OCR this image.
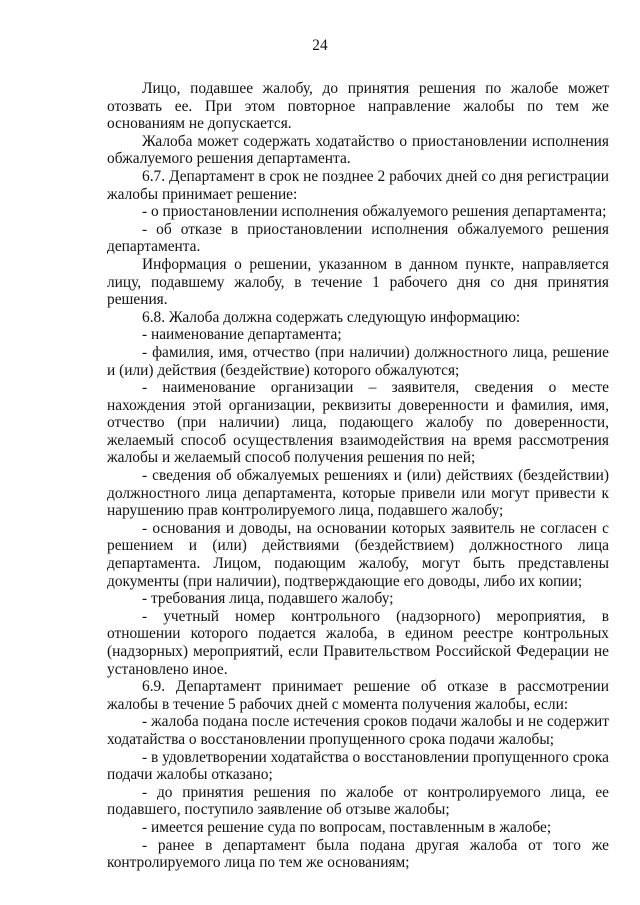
24

Лицо, подавшее жалобу, до принятия решения по жалобе может отозвать ее. При этом повторное направление жалобы по тем же основаниям не допускается.

Жалоба может содержать ходатайство о приостановлении исполнения обжалуемого решения департамента.

6.7. Департамент в срок не позднее 2 рабочих дней со дня регистрации жалобы принимает решение:

- о приостановлении исполнения обжалуемого решения департамента;

- об отказе в приостановлении исполнения обжалуемого решения департамента.

Информация о решении, указанном в данном пункте, направляется лицу, подавшему жалобу, в течение 1 рабочего дня со дня принятия решения.

6.8. Жалоба должна содержать следующую информацию:

- наименование департамента;

- фамилия, имя, отчество (при наличии) должностного лица, решение и (или) действия (бездействие) которого обжалуются;

- наименование организации – заявителя, сведения о месте нахождения этой организации, реквизиты доверенности и фамилия, имя, отчество (при наличии) лица, подающего жалобу по доверенности, желаемый способ осуществления взаимодействия на время рассмотрения жалобы и желаемый способ получения решения по ней;

- сведения об обжалуемых решениях и (или) действиях (бездействии) должностного лица департамента, которые привели или могут привести к нарушению прав контролируемого лица, подавшего жалобу;

- основания и доводы, на основании которых заявитель не согласен с решением и (или) действиями (бездействием) должностного лица департамента. Лицом, подающим жалобу, могут быть представлены документы (при наличии), подтверждающие его доводы, либо их копии;

- требования лица, подавшего жалобу;

- учетный номер контрольного (надзорного) мероприятия, в отношении которого подается жалоба, в едином реестре контрольных (надзорных) мероприятий, если Правительством Российской Федерации не установлено иное.

6.9. Департамент принимает решение об отказе в рассмотрении жалобы в течение 5 рабочих дней с момента получения жалобы, если:

- жалоба подана после истечения сроков подачи жалобы и не содержит ходатайства о восстановлении пропущенного срока подачи жалобы;

- в удовлетворении ходатайства о восстановлении пропущенного срока подачи жалобы отказано;

- до принятия решения по жалобе от контролируемого лица, ее подавшего, поступило заявление об отзыве жалобы;

- имеется решение суда по вопросам, поставленным в жалобе;

- ранее в департамент была подана другая жалоба от того же контролируемого лица по тем же основаниям;
